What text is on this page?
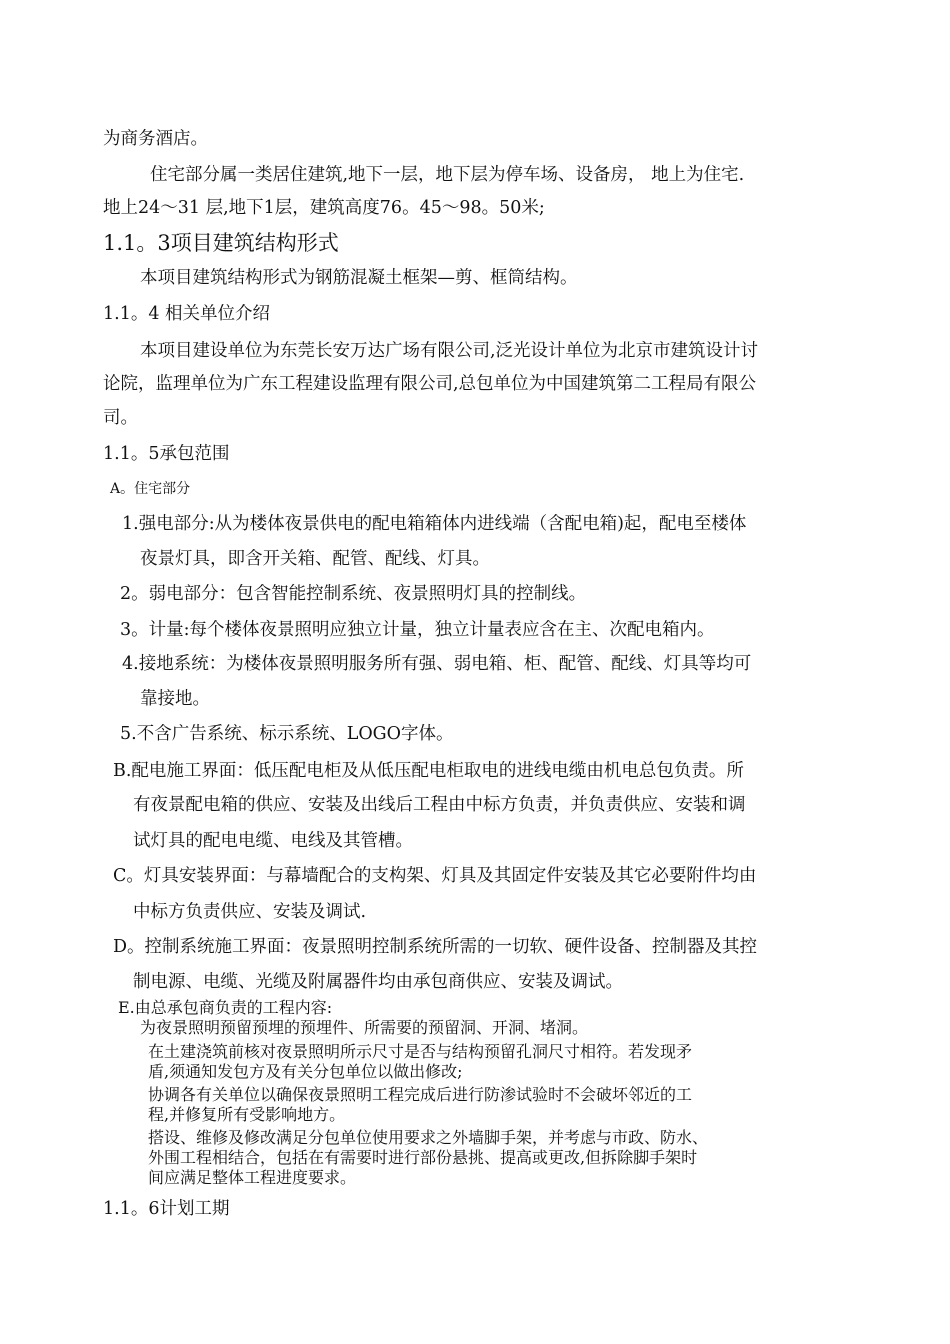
为商务酒店。
住宅部分属一类居住建筑,地下一层，地下层为停车场、设备房， 地上为住宅.
地上24～31 层,地下1层，建筑高度76。45～98。50米;
1.1。3项目建筑结构形式
本项目建筑结构形式为钢筋混凝土框架—剪、框筒结构。
1.1。4 相关单位介绍
本项目建设单位为东莞长安万达广场有限公司,泛光设计单位为北京市建筑设计讨
论院，监理单位为广东工程建设监理有限公司,总包单位为中国建筑第二工程局有限公
司。
1.1。5承包范围
A。住宅部分
1.强电部分:从为楼体夜景供电的配电箱箱体内进线端（含配电箱)起，配电至楼体
夜景灯具，即含开关箱、配管、配线、灯具。
2。弱电部分：包含智能控制系统、夜景照明灯具的控制线。
3。计量:每个楼体夜景照明应独立计量，独立计量表应含在主、次配电箱内。
4.接地系统：为楼体夜景照明服务所有强、弱电箱、柜、配管、配线、灯具等均可
靠接地。
5.不含广告系统、标示系统、LOGO字体。
B.配电施工界面：低压配电柜及从低压配电柜取电的进线电缆由机电总包负责。所
有夜景配电箱的供应、安装及出线后工程由中标方负责，并负责供应、安装和调
试灯具的配电电缆、电线及其管槽。
C。灯具安装界面：与幕墙配合的支构架、灯具及其固定件安装及其它必要附件均由
中标方负责供应、安装及调试.
D。控制系统施工界面：夜景照明控制系统所需的一切软、硬件设备、控制器及其控
制电源、电缆、光缆及附属器件均由承包商供应、安装及调试。
E.由总承包商负责的工程内容:
为夜景照明预留预埋的预埋件、所需要的预留洞、开洞、堵洞。
在土建浇筑前核对夜景照明所示尺寸是否与结构预留孔洞尺寸相符。若发现矛
盾,须通知发包方及有关分包单位以做出修改;
协调各有关单位以确保夜景照明工程完成后进行防渗试验时不会破坏邻近的工
程,并修复所有受影响地方。
搭设、维修及修改满足分包单位使用要求之外墙脚手架，并考虑与市政、防水、
外围工程相结合，包括在有需要时进行部份悬挑、提高或更改,但拆除脚手架时
间应满足整体工程进度要求。
1.1。6计划工期
